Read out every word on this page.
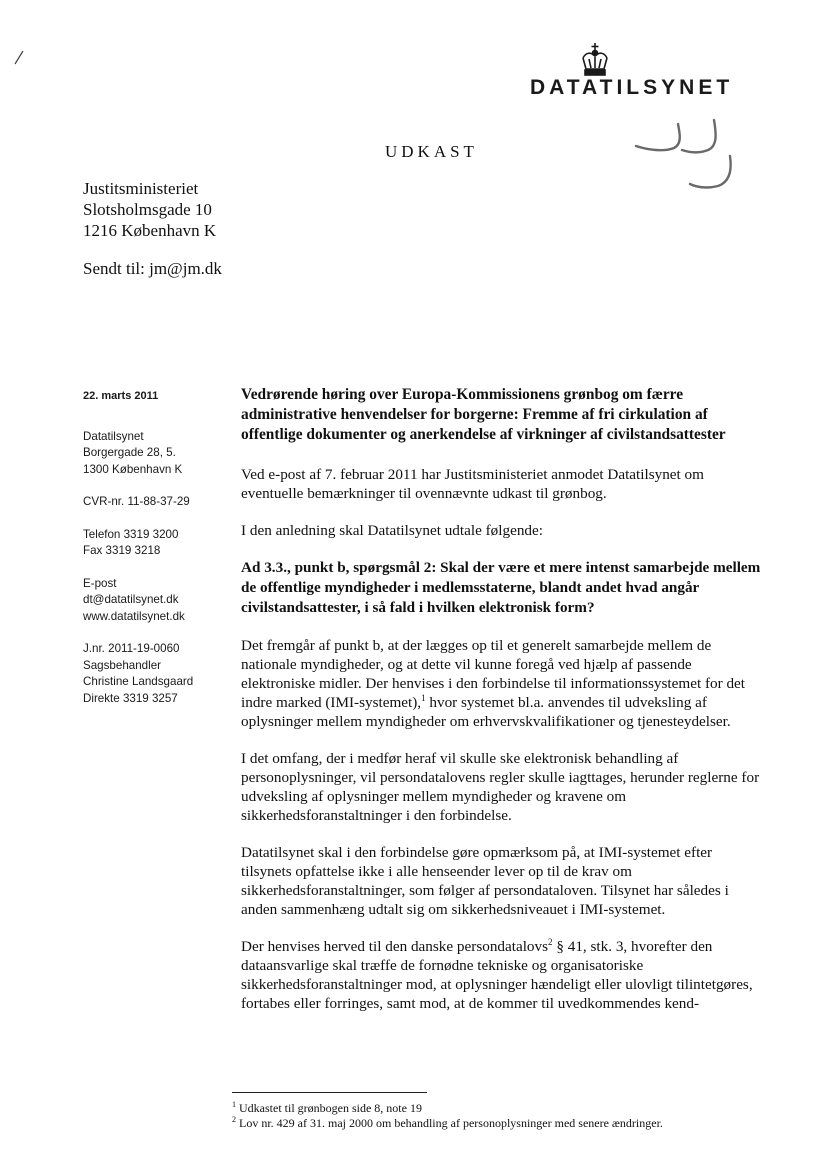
DATATILSYNET
UDKAST
Justitsministeriet
Slotsholmsgade 10
1216 København K
Sendt til: jm@jm.dk
22. marts 2011
Datatilsynet
Borgergade 28, 5.
1300 København K
CVR-nr. 11-88-37-29
Telefon 3319 3200
Fax 3319 3218
E-post
dt@datatilsynet.dk
www.datatilsynet.dk
J.nr. 2011-19-0060
Sagsbehandler
Christine Landsgaard
Direkte 3319 3257

Vedrørende høring over Europa-Kommissionens grønbog om færre administrative henvendelser for borgerne: Fremme af fri cirkulation af offentlige dokumenter og anerkendelse af virkninger af civilstandsattester

Ved e-post af 7. februar 2011 har Justitsministeriet anmodet Datatilsynet om eventuelle bemærkninger til ovennævnte udkast til grønbog.

I den anledning skal Datatilsynet udtale følgende:

Ad 3.3., punkt b, spørgsmål 2: Skal der være et mere intenst samarbejde mellem de offentlige myndigheder i medlemsstaterne, blandt andet hvad angår civilstandsattester, i så fald i hvilken elektronisk form?

Det fremgår af punkt b, at der lægges op til et generelt samarbejde mellem de nationale myndigheder, og at dette vil kunne foregå ved hjælp af passende elektroniske midler. Der henvises i den forbindelse til informationssystemet for det indre marked (IMI-systemet),$^1$ hvor systemet bl.a. anvendes til udveksling af oplysninger mellem myndigheder om erhvervskvalifikationer og tjenesteydelser.

I det omfang, der i medfør heraf vil skulle ske elektronisk behandling af personoplysninger, vil persondatalovens regler skulle iagttages, herunder reglerne for udveksling af oplysninger mellem myndigheder og kravene om sikkerhedsforanstaltninger i den forbindelse.

Datatilsynet skal i den forbindelse gøre opmærksom på, at IMI-systemet efter tilsynets opfattelse ikke i alle henseender lever op til de krav om sikkerhedsforanstaltninger, som følger af persondataloven. Tilsynet har således i anden sammenhæng udtalt sig om sikkerhedsniveauet i IMI-systemet.

Der henvises herved til den danske persondatalovs$^2$ § 41, stk. 3, hvorefter den dataansvarlige skal træffe de fornødne tekniske og organisatoriske sikkerhedsforanstaltninger mod, at oplysninger hændeligt eller ulovligt tilintetgøres, fortabes eller forringes, samt mod, at de kommer til uvedkommendes kend-

$^1$ Udkastet til grønbogen side 8, note 19
$^2$ Lov nr. 429 af 31. maj 2000 om behandling af personoplysninger med senere ændringer.
